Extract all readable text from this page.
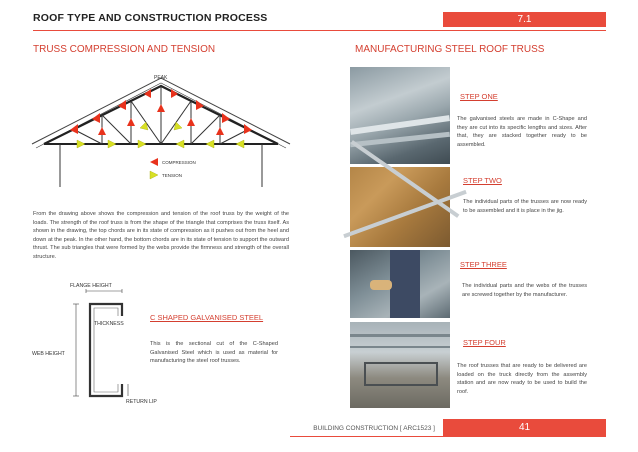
ROOF TYPE AND CONSTRUCTION PROCESS	7.1
TRUSS COMPRESSION AND TENSION
PEAK
COMPRESSION
TENSION
From the drawing above shows the compression and tension of the roof truss by the weight of the loads. The strength of the roof truss is from the shape of the triangle that comprises the truss itself. As shown in the drawing, the top chords are in its state of compression as it pushes out from the heel and down at the peak. In the other hand, the bottom chords are in its state of tension to support the outward thrust. The sub triangles that were formed by the webs provide the firmness and strength of the overall structure.
FLANGE HEIGHT
THICKNESS
WEB HEIGHT
RETURN LIP
C SHAPED GALVANISED STEEL
This is the sectional cut of the C-Shaped Galvanised Steel which is used as material for manufacturing the steel roof trusses.
MANUFACTURING STEEL ROOF TRUSS
STEP ONE
The galvanised steels are made in C-Shape and they are cut into its specific lengths and sizes. After that, they are stacked together ready to be assembled.
STEP TWO
The individual parts of the trusses are now ready to be assembled and it is place in the jig.
STEP THREE
The individual parts and the webs of the trusses are screwed together by the manufacturer.
STEP FOUR
The roof trusses that are ready to be delivered are loaded on the truck directly from the assembly station and are now ready to be used to build the roof.
BUILDING CONSTRUCTION [ ARC1523 ]	41
